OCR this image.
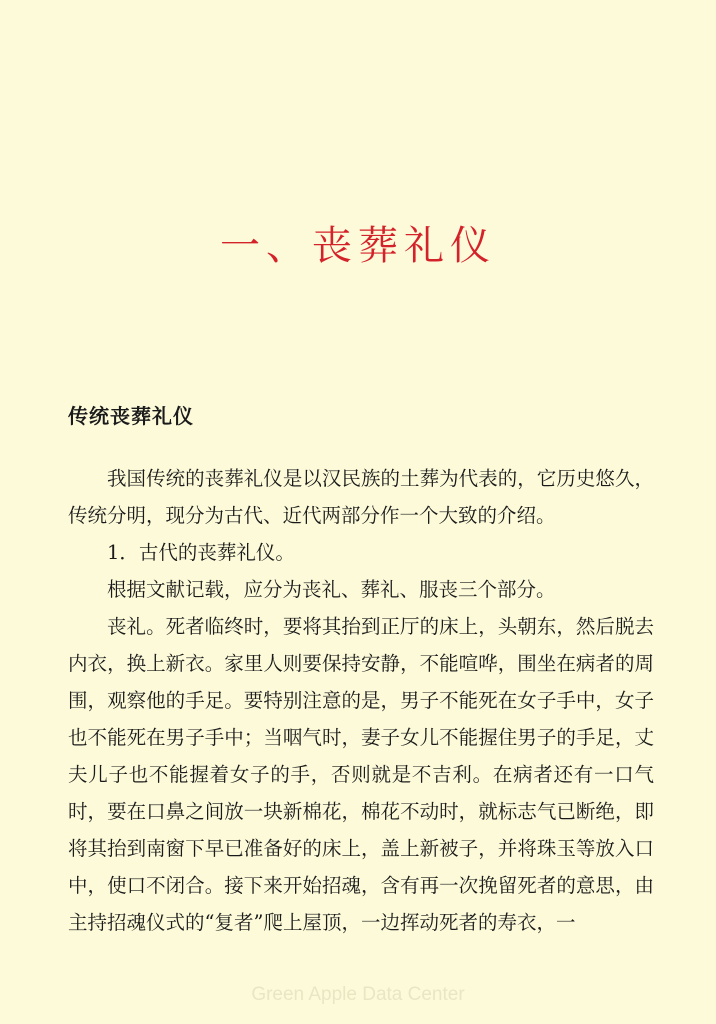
一、丧葬礼仪
传统丧葬礼仪

我国传统的丧葬礼仪是以汉民族的土葬为代表的，它历史悠久，传统分明，现分为古代、近代两部分作一个大致的介绍。

1．古代的丧葬礼仪。

根据文献记载，应分为丧礼、葬礼、服丧三个部分。

丧礼。死者临终时，要将其抬到正厅的床上，头朝东，然后脱去内衣，换上新衣。家里人则要保持安静，不能喧哗，围坐在病者的周围，观察他的手足。要特别注意的是，男子不能死在女子手中，女子也不能死在男子手中；当咽气时，妻子女儿不能握住男子的手足，丈夫儿子也不能握着女子的手，否则就是不吉利。在病者还有一口气时，要在口鼻之间放一块新棉花，棉花不动时，就标志气已断绝，即将其抬到南窗下早已准备好的床上，盖上新被子，并将珠玉等放入口中，使口不闭合。接下来开始招魂，含有再一次挽留死者的意思，由主持招魂仪式的“复者”爬上屋顶，一边挥动死者的寿衣，一

Green Apple Data Center
